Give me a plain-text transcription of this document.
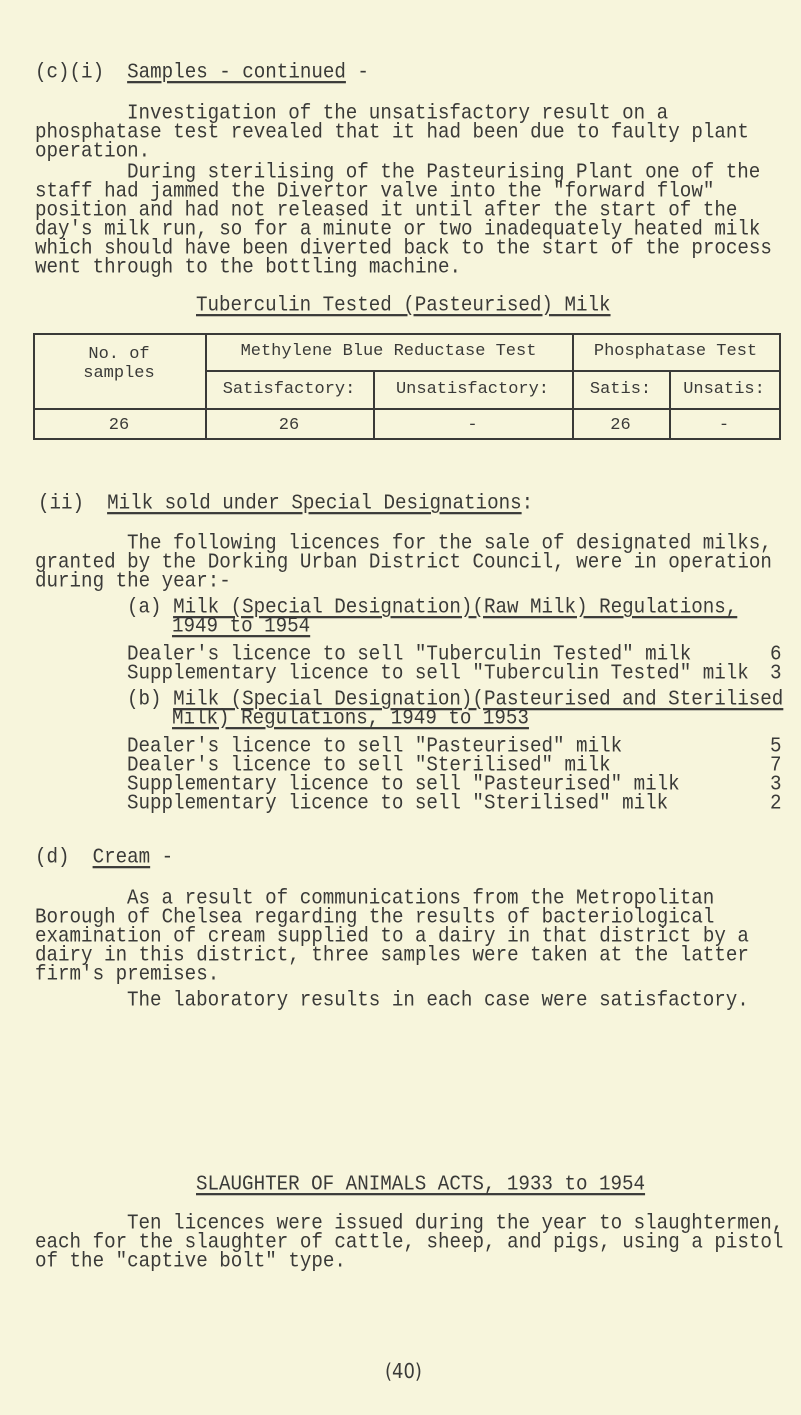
(c)(i) Samples - continued -
Investigation of the unsatisfactory result on a
phosphatase test revealed that it had been due to faulty plant
operation.
During sterilising of the Pasteurising Plant one of the
staff had jammed the Divertor valve into the "forward flow"
position and had not released it until after the start of the
day's milk run, so for a minute or two inadequately heated milk
which should have been diverted back to the start of the process
went through to the bottling machine.
Tuberculin Tested (Pasteurised) Milk
No. of
samples
Methylene Blue Reductase Test	Phosphatase Test
Satisfactory:	Unsatisfactory:	Satis:	Unsatis:
26	26	-	26	-
(ii) Milk sold under Special Designations:
The following licences for the sale of designated milks,
granted by the Dorking Urban District Council, were in operation
during the year:-
(a) Milk (Special Designation)(Raw Milk) Regulations,
1949 to 1954
Dealer's licence to sell "Tuberculin Tested" milk	6
Supplementary licence to sell "Tuberculin Tested" milk 3
(b) Milk (Special Designation)(Pasteurised and Sterilised
Milk) Regulations, 1949 to 1953
Dealer's licence to sell "Pasteurised" milk	5
Dealer's licence to sell "Sterilised" milk	7
Supplementary licence to sell "Pasteurised" milk	3
Supplementary licence to sell "Sterilised" milk	2
(d) Cream -
As a result of communications from the Metropolitan
Borough of Chelsea regarding the results of bacteriological
examination of cream supplied to a dairy in that district by a
dairy in this district, three samples were taken at the latter
firm's premises.
The laboratory results in each case were satisfactory.
SLAUGHTER OF ANIMALS ACTS, 1933 to 1954
Ten licences were issued during the year to slaughtermen,
each for the slaughter of cattle, sheep, and pigs, using a pistol
of the "captive bolt" type.
(40)
